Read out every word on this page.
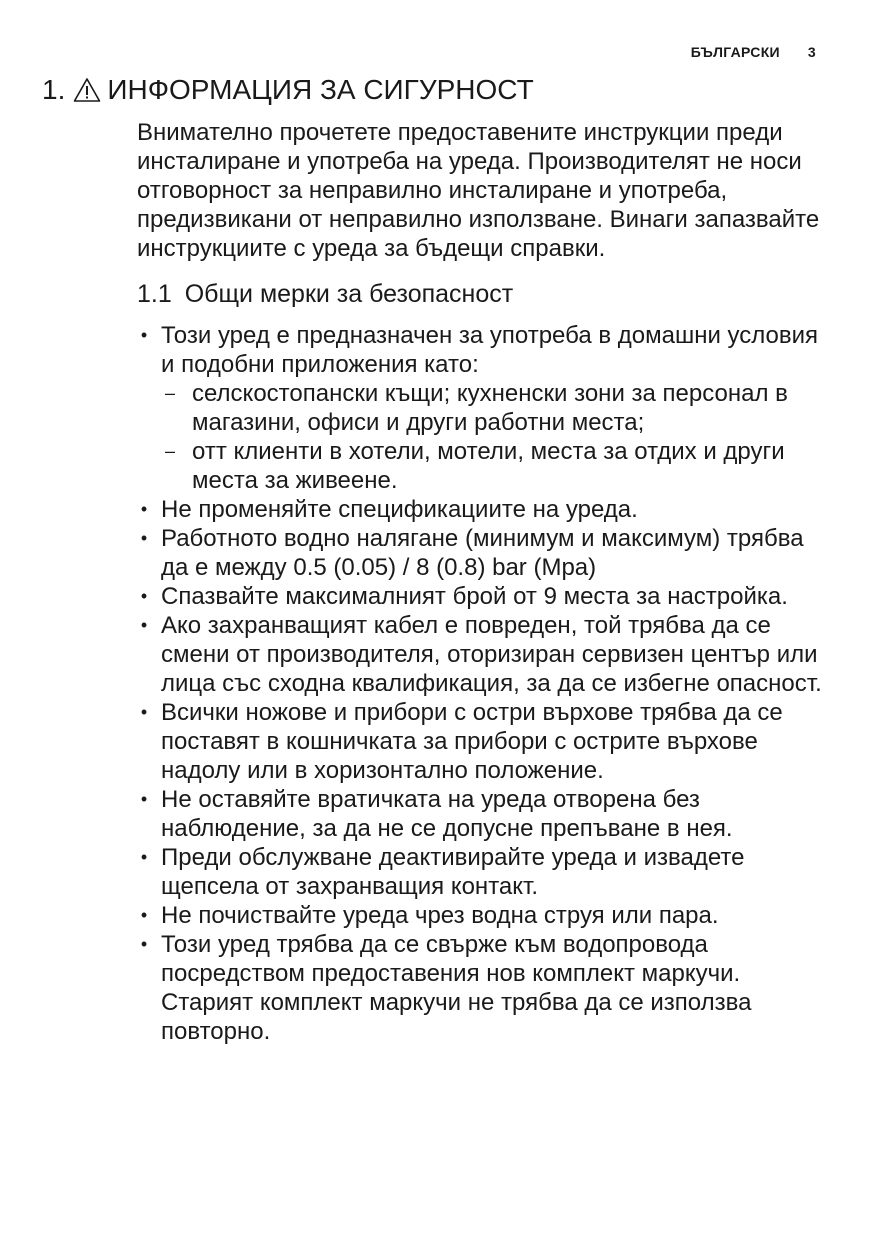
БЪЛГАРСКИ 3
1. ИНФОРМАЦИЯ ЗА СИГУРНОСТ

Внимателно прочетете предоставените инструкции преди инсталиране и употреба на уреда. Производителят не носи отговорност за неправилно инсталиране и употреба, предизвикани от неправилно използване. Винаги запазвайте инструкциите с уреда за бъдещи справки.

1.1 Общи мерки за безопасност
• Този уред е предназначен за употреба в домашни условия и подобни приложения като:
– селскостопански къщи; кухненски зони за персонал в магазини, офиси и други работни места;
– отт клиенти в хотели, мотели, места за отдих и други места за живеене.
• Не променяйте спецификациите на уреда.
• Работното водно налягане (минимум и максимум) трябва да е между 0.5 (0.05) / 8 (0.8) bar (Mpa)
• Спазвайте максималният брой от 9 места за настройка.
• Ако захранващият кабел е повреден, той трябва да се смени от производителя, оторизиран сервизен център или лица със сходна квалификация, за да се избегне опасност.
• Всички ножове и прибори с остри върхове трябва да се поставят в кошничката за прибори с острите върхове надолу или в хоризонтално положение.
• Не оставяйте вратичката на уреда отворена без наблюдение, за да не се допусне препъване в нея.
• Преди обслужване деактивирайте уреда и извадете щепсела от захранващия контакт.
• Не почиствайте уреда чрез водна струя или пара.
• Този уред трябва да се свърже към водопровода посредством предоставения нов комплект маркучи. Старият комплект маркучи не трябва да се използва повторно.
